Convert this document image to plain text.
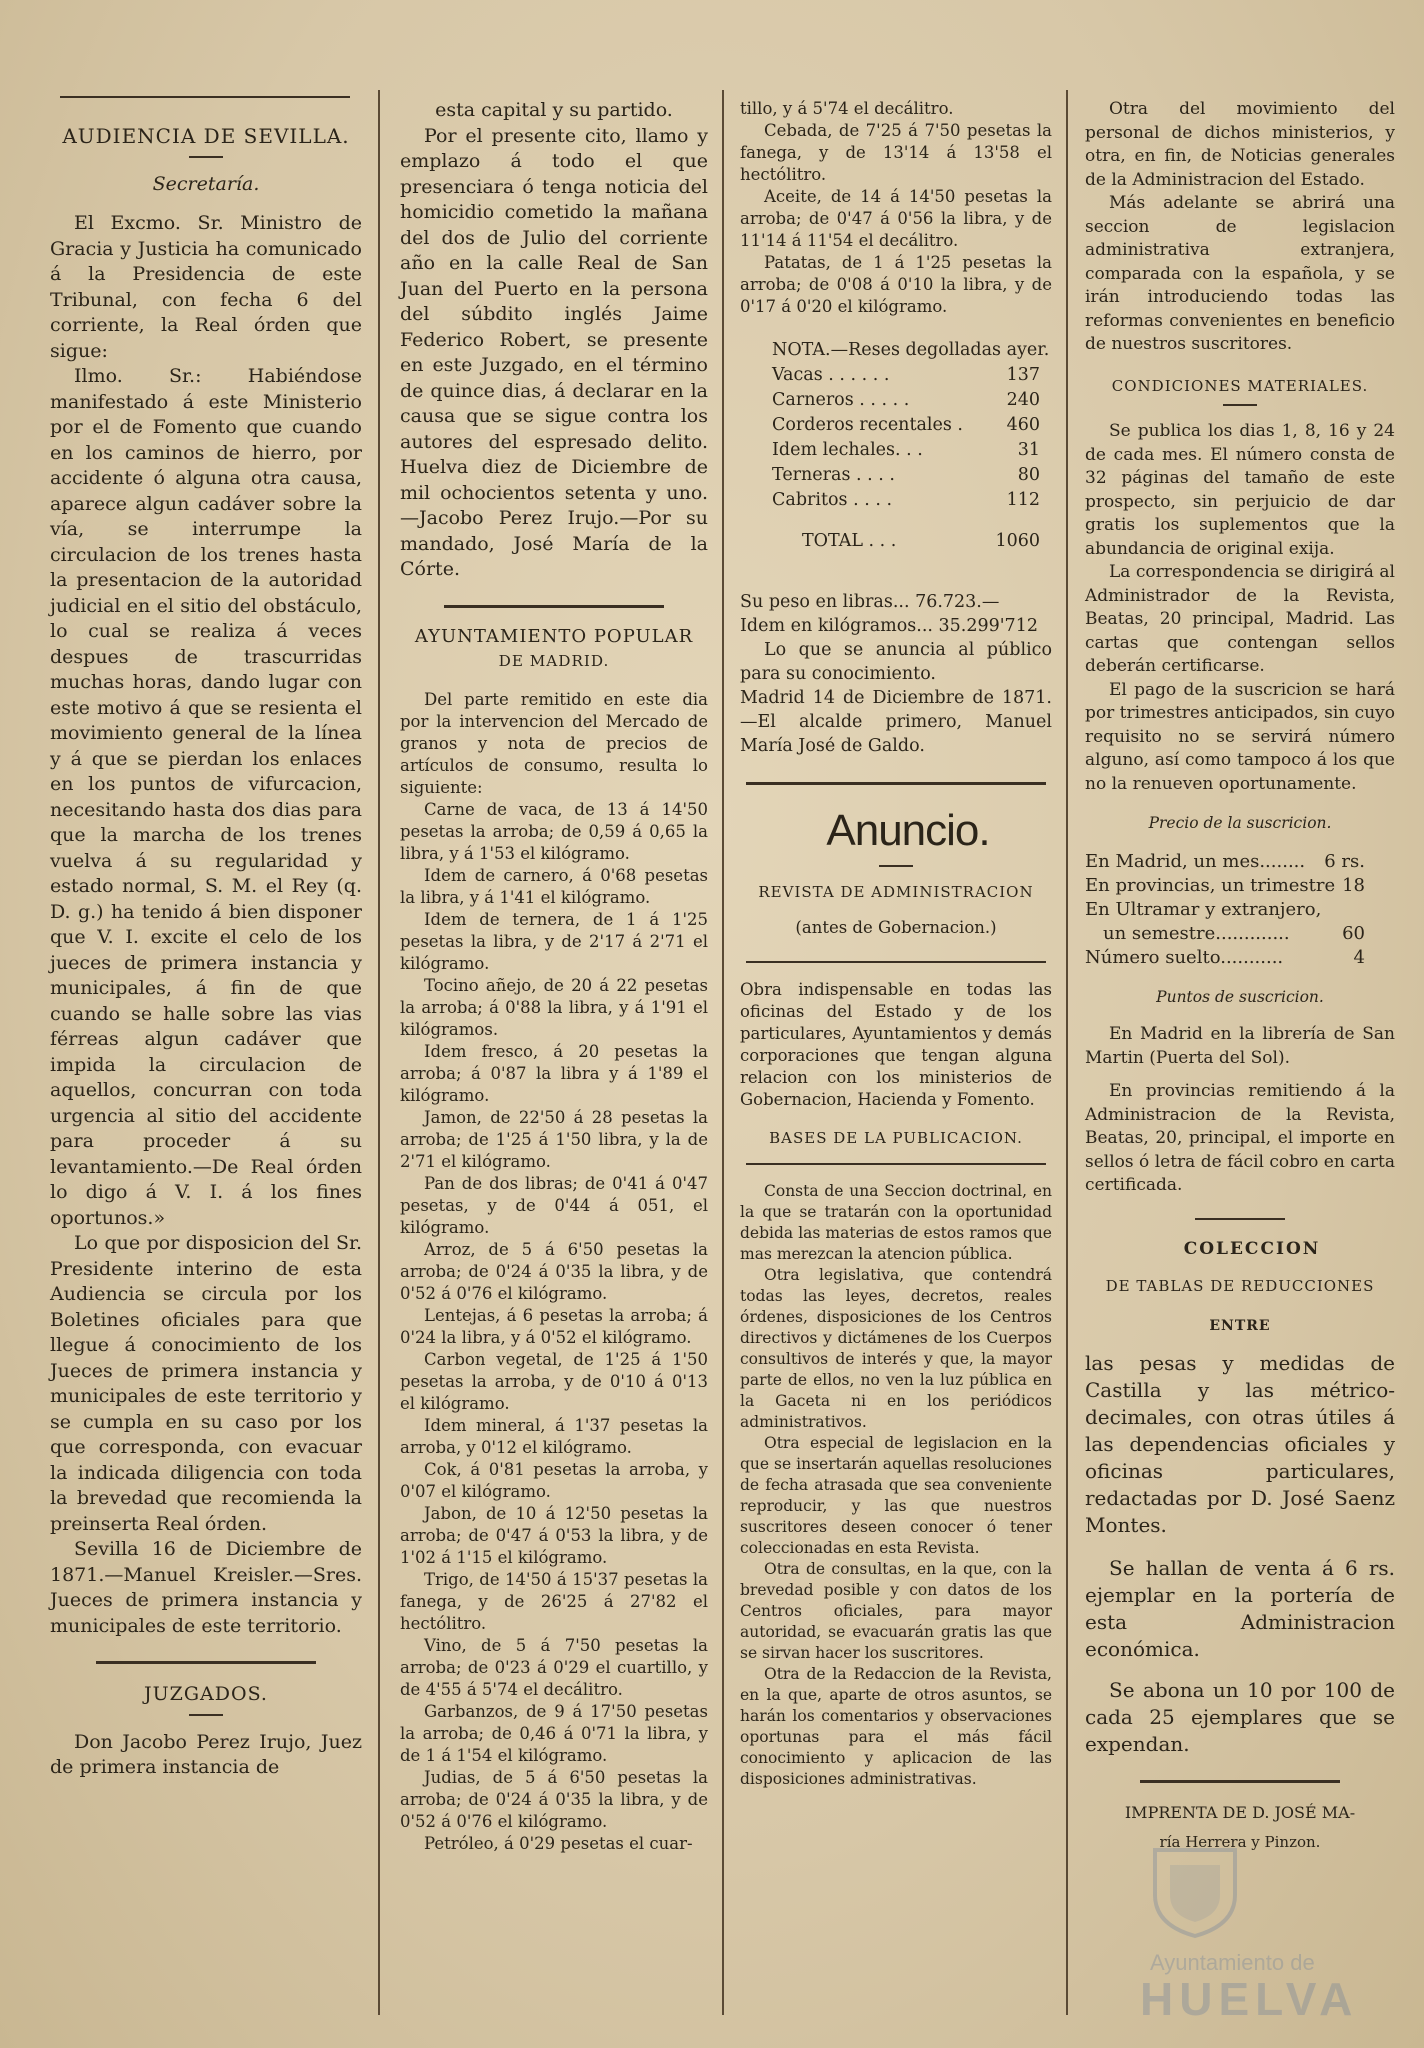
AUDIENCIA DE SEVILLA.

Secretaría.

El Excmo. Sr. Ministro de Gracia y Justicia ha comunicado á la Presidencia de este Tribunal, con fecha 6 del corriente, la Real órden que sigue:

Ilmo. Sr.: Habiéndose manifestado á este Ministerio por el de Fomento que cuando en los caminos de hierro, por accidente ó alguna otra causa, aparece algun cadáver sobre la vía, se interrumpe la circulacion de los trenes hasta la presentacion de la autoridad judicial en el sitio del obstáculo, lo cual se realiza á veces despues de trascurridas muchas horas, dando lugar con este motivo á que se resienta el movimiento general de la línea y á que se pierdan los enlaces en los puntos de vifurcacion, necesitando hasta dos dias para que la marcha de los trenes vuelva á su regularidad y estado normal, S. M. el Rey (q. D. g.) ha tenido á bien disponer que V. I. excite el celo de los jueces de primera instancia y municipales, á fin de que cuando se halle sobre las vias férreas algun cadáver que impida la circulacion de aquellos, concurran con toda urgencia al sitio del accidente para proceder á su levantamiento.—De Real órden lo digo á V. I. á los fines oportunos.»

Lo que por disposicion del Sr. Presidente interino de esta Audiencia se circula por los Boletines oficiales para que llegue á conocimiento de los Jueces de primera instancia y municipales de este territorio y se cumpla en su caso por los que corresponda, con evacuar la indicada diligencia con toda la brevedad que recomienda la preinserta Real órden.

Sevilla 16 de Diciembre de 1871.—Manuel Kreisler.—Sres. Jueces de primera instancia y municipales de este territorio.

JUZGADOS.

Don Jacobo Perez Irujo, Juez de primera instancia de

esta capital y su partido.

Por el presente cito, llamo y emplazo á todo el que presenciara ó tenga noticia del homicidio cometido la mañana del dos de Julio del corriente año en la calle Real de San Juan del Puerto en la persona del súbdito inglés Jaime Federico Robert, se presente en este Juzgado, en el término de quince dias, á declarar en la causa que se sigue contra los autores del espresado delito. Huelva diez de Diciembre de mil ochocientos setenta y uno.—Jacobo Perez Irujo.—Por su mandado, José María de la Córte.

AYUNTAMIENTO POPULAR

DE MADRID.

Del parte remitido en este dia por la intervencion del Mercado de granos y nota de precios de artículos de consumo, resulta lo siguiente:

Carne de vaca, de 13 á 14'50 pesetas la arroba; de 0,59 á 0,65 la libra, y á 1'53 el kilógramo.

Idem de carnero, á 0'68 pesetas la libra, y á 1'41 el kilógramo.

Idem de ternera, de 1 á 1'25 pesetas la libra, y de 2'17 á 2'71 el kilógramo.

Tocino añejo, de 20 á 22 pesetas la arroba; á 0'88 la libra, y á 1'91 el kilógramos.

Idem fresco, á 20 pesetas la arroba; á 0'87 la libra y á 1'89 el kilógramo.

Jamon, de 22'50 á 28 pesetas la arroba; de 1'25 á 1'50 libra, y la de 2'71 el kilógramo.

Pan de dos libras; de 0'41 á 0'47 pesetas, y de 0'44 á 051, el kilógramo.

Arroz, de 5 á 6'50 pesetas la arroba; de 0'24 á 0'35 la libra, y de 0'52 á 0'76 el kilógramo.

Lentejas, á 6 pesetas la arroba; á 0'24 la libra, y á 0'52 el kilógramo.

Carbon vegetal, de 1'25 á 1'50 pesetas la arroba, y de 0'10 á 0'13 el kilógramo.

Idem mineral, á 1'37 pesetas la arroba, y 0'12 el kilógramo.

Cok, á 0'81 pesetas la arroba, y 0'07 el kilógramo.

Jabon, de 10 á 12'50 pesetas la arroba; de 0'47 á 0'53 la libra, y de 1'02 á 1'15 el kilógramo.

Trigo, de 14'50 á 15'37 pesetas la fanega, y de 26'25 á 27'82 el hectólitro.

Vino, de 5 á 7'50 pesetas la arroba; de 0'23 á 0'29 el cuartillo, y de 4'55 á 5'74 el decálitro.

Garbanzos, de 9 á 17'50 pesetas la arroba; de 0,46 á 0'71 la libra, y de 1 á 1'54 el kilógramo.

Judias, de 5 á 6'50 pesetas la arroba; de 0'24 á 0'35 la libra, y de 0'52 á 0'76 el kilógramo.

Petróleo, á 0'29 pesetas el cuar-

tillo, y á 5'74 el decálitro.

Cebada, de 7'25 á 7'50 pesetas la fanega, y de 13'14 á 13'58 el hectólitro.

Aceite, de 14 á 14'50 pesetas la arroba; de 0'47 á 0'56 la libra, y de 11'14 á 11'54 el decálitro.

Patatas, de 1 á 1'25 pesetas la arroba; de 0'08 á 0'10 la libra, y de 0'17 á 0'20 el kilógramo.

NOTA.—Reses degolladas ayer.

Vacas . . . . . .	137
Carneros . . . . .	240
Corderos recentales . 460
Idem lechales. . .	31
Terneras . . . .	80
Cabritos . . . .	112
TOTAL . . .	1060

Su peso en libras... 76.723.—

Idem en kilógramos... 35.299'712

Lo que se anuncia al público para su conocimiento.

Madrid 14 de Diciembre de 1871. —El alcalde primero, Manuel María José de Galdo.

Anuncio.

REVISTA DE ADMINISTRACION

(antes de Gobernacion.)

Obra indispensable en todas las oficinas del Estado y de los particulares, Ayuntamientos y demás corporaciones que tengan alguna relacion con los ministerios de Gobernacion, Hacienda y Fomento.

BASES DE LA PUBLICACION.

Consta de una Seccion doctrinal, en la que se tratarán con la oportunidad debida las materias de estos ramos que mas merezcan la atencion pública.

Otra legislativa, que contendrá todas las leyes, decretos, reales órdenes, disposiciones de los Centros directivos y dictámenes de los Cuerpos consultivos de interés y que, la mayor parte de ellos, no ven la luz pública en la Gaceta ni en los periódicos administrativos.

Otra especial de legislacion en la que se insertarán aquellas resoluciones de fecha atrasada que sea conveniente reproducir, y las que nuestros suscritores deseen conocer ó tener coleccionadas en esta Revista.

Otra de consultas, en la que, con la brevedad posible y con datos de los Centros oficiales, para mayor autoridad, se evacuarán gratis las que se sirvan hacer los suscritores.

Otra de la Redaccion de la Revista, en la que, aparte de otros asuntos, se harán los comentarios y observaciones oportunas para el más fácil conocimiento y aplicacion de las disposiciones administrativas.

Otra del movimiento del personal de dichos ministerios, y otra, en fin, de Noticias generales de la Administracion del Estado.

Más adelante se abrirá una seccion de legislacion administrativa extranjera, comparada con la española, y se irán introduciendo todas las reformas convenientes en beneficio de nuestros suscritores.

CONDICIONES MATERIALES.

Se publica los dias 1, 8, 16 y 24 de cada mes. El número consta de 32 páginas del tamaño de este prospecto, sin perjuicio de dar gratis los suplementos que la abundancia de original exija.

La correspondencia se dirigirá al Administrador de la Revista, Beatas, 20 principal, Madrid. Las cartas que contengan sellos deberán certificarse.

El pago de la suscricion se hará por trimestres anticipados, sin cuyo requisito no se servirá número alguno, así como tampoco á los que no la renueven oportunamente.

Precio de la suscricion.

En Madrid, un mes........ 6 rs.
En provincias, un trimestre 18
En Ultramar y extranjero,
un semestre.............	60
Número suelto...........	4

Puntos de suscricion.

En Madrid en la librería de San Martin (Puerta del Sol).

En provincias remitiendo á la Administracion de la Revista, Beatas, 20, principal, el importe en sellos ó letra de fácil cobro en carta certificada.

COLECCION

DE TABLAS DE REDUCCIONES

ENTRE

las pesas y medidas de Castilla y las métrico-decimales, con otras útiles á las dependencias oficiales y oficinas particulares, redactadas por D. José Saenz Montes.

Se hallan de venta á 6 rs. ejemplar en la portería de esta Administracion económica.

Se abona un 10 por 100 de cada 25 ejemplares que se expendan.

IMPRENTA DE D. JOSÉ MA-

ría Herrera y Pinzon.

Ayuntamiento de
HUELVA
